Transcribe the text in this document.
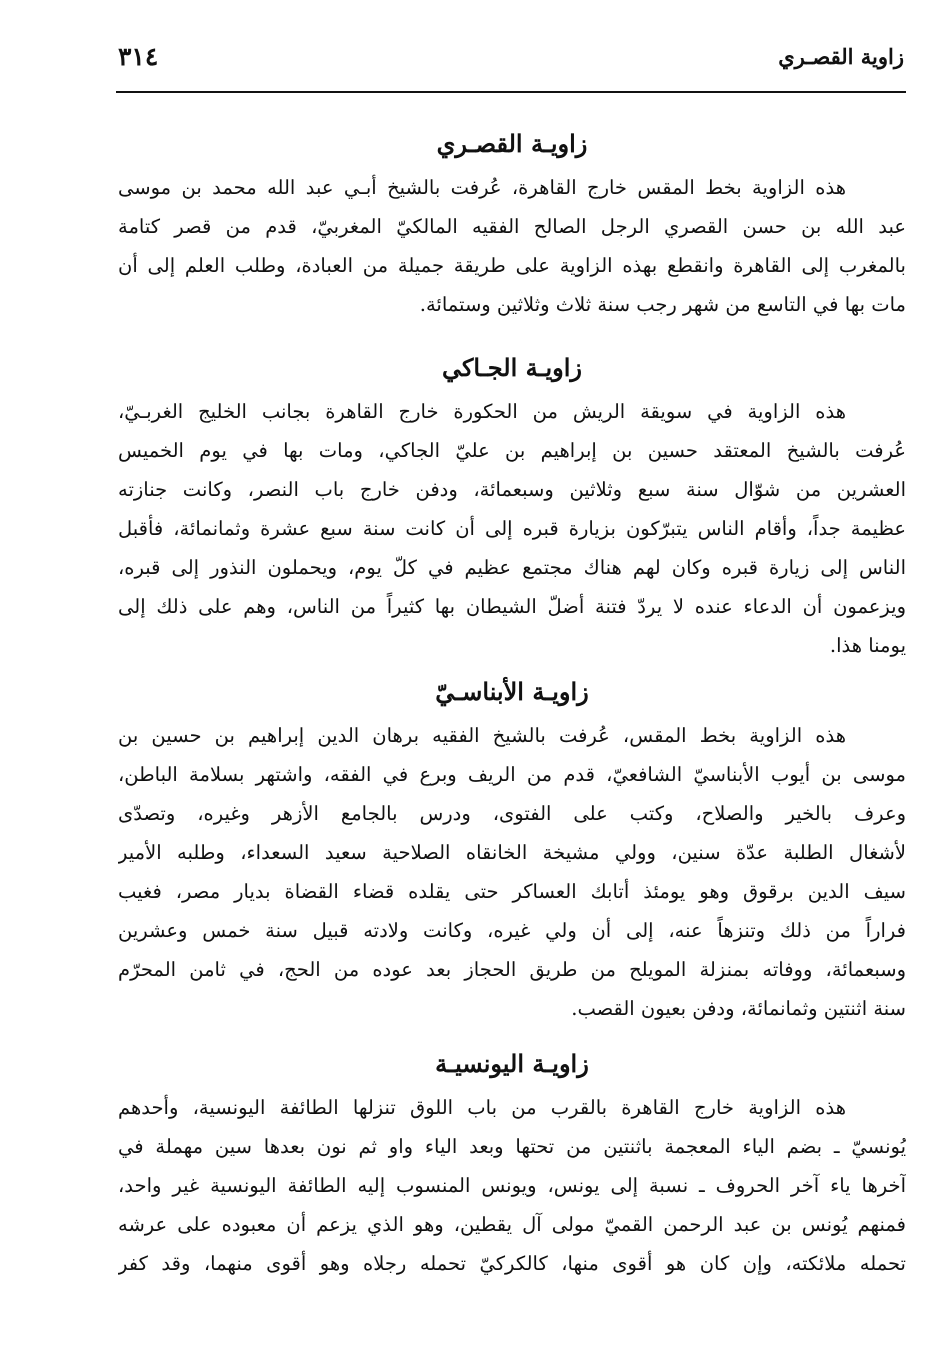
٣١٤	زاوية القصـري
زاويـة القصـري
هذه الزاوية بخط المقس خارج القاهرة، عُرفت بالشيخ أبـي عبد الله محمد بن موسى
عبد الله بن حسن القصري الرجل الصالح الفقيه المالكيّ المغربيّ، قدم من قصر كتامة
بالمغرب إلى القاهرة وانقطع بهذه الزاوية على طريقة جميلة من العبادة، وطلب العلم إلى أن
مات بها في التاسع من شهر رجب سنة ثلاث وثلاثين وستمائة.
زاويـة الجـاكي
هذه الزاوية في سويقة الريش من الحكورة خارج القاهرة بجانب الخليج الغربـيّ،
عُرفت بالشيخ المعتقد حسين بن إبراهيم بن عليّ الجاكي، ومات بها في يوم الخميس
العشرين من شوّال سنة سبع وثلاثين وسبعمائة، ودفن خارج باب النصر، وكانت جنازته
عظيمة جداً، وأقام الناس يتبرّكون بزيارة قبره إلى أن كانت سنة سبع عشرة وثمانمائة، فأقبل
الناس إلى زيارة قبره وكان لهم هناك مجتمع عظيم في كلّ يوم، ويحملون النذور إلى قبره،
ويزعمون أن الدعاء عنده لا يردّ فتنة أضلّ الشيطان بها كثيراً من الناس، وهم على ذلك إلى
يومنا هذا.
زاويـة الأبناسـيّ
هذه الزاوية بخط المقس، عُرفت بالشيخ الفقيه برهان الدين إبراهيم بن حسين بن
موسى بن أيوب الأبناسيّ الشافعيّ، قدم من الريف وبرع في الفقه، واشتهر بسلامة الباطن،
وعرف بالخير والصلاح، وكتب على الفتوى، ودرس بالجامع الأزهر وغيره، وتصدّى
لأشغال الطلبة عدّة سنين، وولي مشيخة الخانقاه الصلاحية سعيد السعداء، وطلبه الأمير
سيف الدين برقوق وهو يومئذ أتابك العساكر حتى يقلده قضاء القضاة بديار مصر، فغيب
فراراً من ذلك وتنزهاً عنه، إلى أن ولي غيره، وكانت ولادته قبيل سنة خمس وعشرين
وسبعمائة، ووفاته بمنزلة المويلح من طريق الحجاز بعد عوده من الحج، في ثامن المحرّم
سنة اثنتين وثمانمائة، ودفن بعيون القصب.
زاويـة اليونسيـة
هذه الزاوية خارج القاهرة بالقرب من باب اللوق تنزلها الطائفة اليونسية، وأحدهم
يُونسيّ ـ بضم الياء المعجمة باثنتين من تحتها وبعد الياء واو ثم نون بعدها سين مهملة في
آخرها ياء آخر الحروف ـ نسبة إلى يونس، ويونس المنسوب إليه الطائفة اليونسية غير واحد،
فمنهم يُونس بن عبد الرحمن القميّ مولى آل يقطين، وهو الذي يزعم أن معبوده على عرشه
تحمله ملائكته، وإن كان هو أقوى منها، كالكركيّ تحمله رجلاه وهو أقوى منهما، وقد كفر
